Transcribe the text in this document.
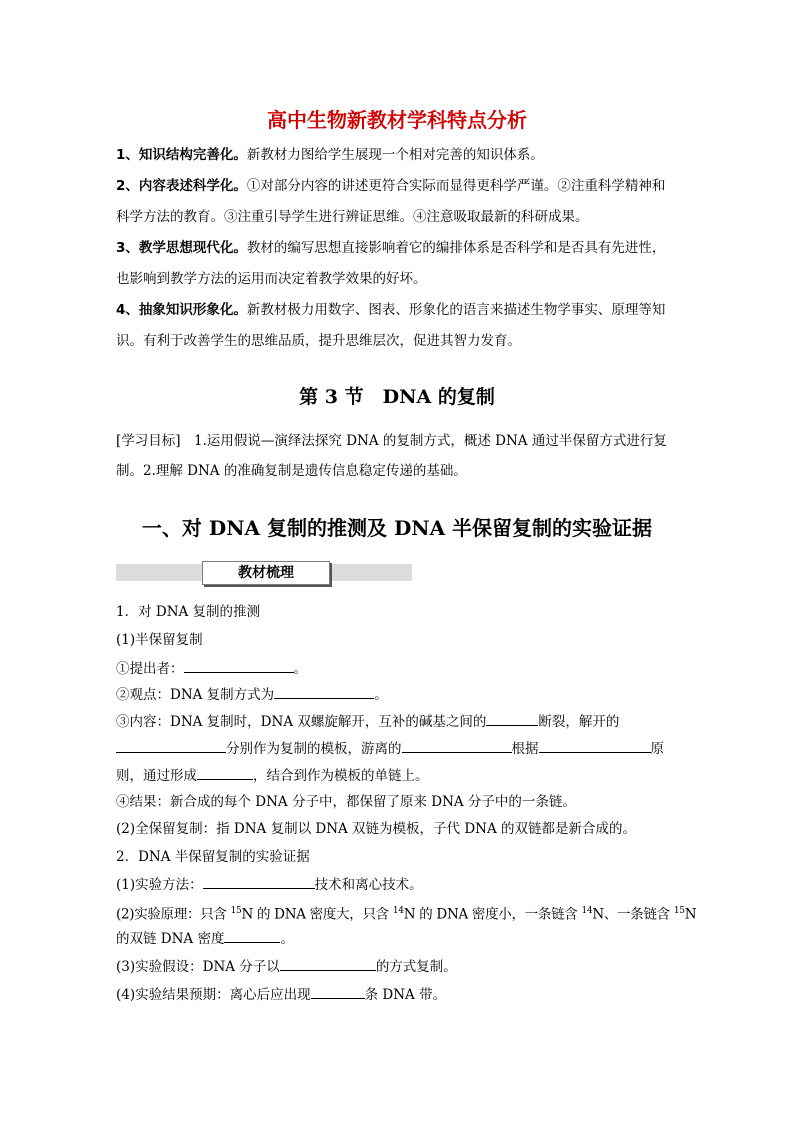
高中生物新教材学科特点分析
1、知识结构完善化。新教材力图给学生展现一个相对完善的知识体系。
2、内容表述科学化。①对部分内容的讲述更符合实际而显得更科学严谨。②注重科学精神和科学方法的教育。③注重引导学生进行辨证思维。④注意吸取最新的科研成果。
3、教学思想现代化。教材的编写思想直接影响着它的编排体系是否科学和是否具有先进性，也影响到教学方法的运用而决定着教学效果的好坏。
4、抽象知识形象化。新教材极力用数字、图表、形象化的语言来描述生物学事实、原理等知识。有利于改善学生的思维品质，提升思维层次，促进其智力发育。
第 3 节　DNA 的复制
[学习目标]　1.运用假说—演绎法探究 DNA 的复制方式，概述 DNA 通过半保留方式进行复制。2.理解 DNA 的准确复制是遗传信息稳定传递的基础。
一、对 DNA 复制的推测及 DNA 半保留复制的实验证据
教材梳理
1．对 DNA 复制的推测
(1)半保留复制
①提出者：	。
②观点：DNA 复制方式为	。
③内容：DNA 复制时，DNA 双螺旋解开，互补的碱基之间的	断裂，解开的
分别作为复制的模板，游离的	根据	原
则，通过形成	，结合到作为模板的单链上。
④结果：新合成的每个 DNA 分子中，都保留了原来 DNA 分子中的一条链。
(2)全保留复制：指 DNA 复制以 DNA 双链为模板，子代 DNA 的双链都是新合成的。
2．DNA 半保留复制的实验证据
(1)实验方法：	技术和离心技术。
(2)实验原理：只含 $^{15}$N 的 DNA 密度大，只含 $^{14}$N 的 DNA 密度小，一条链含 $^{14}$N、一条链含 $^{15}$N
的双链 DNA 密度	。
(3)实验假设：DNA 分子以	的方式复制。
(4)实验结果预期：离心后应出现	条 DNA 带。
